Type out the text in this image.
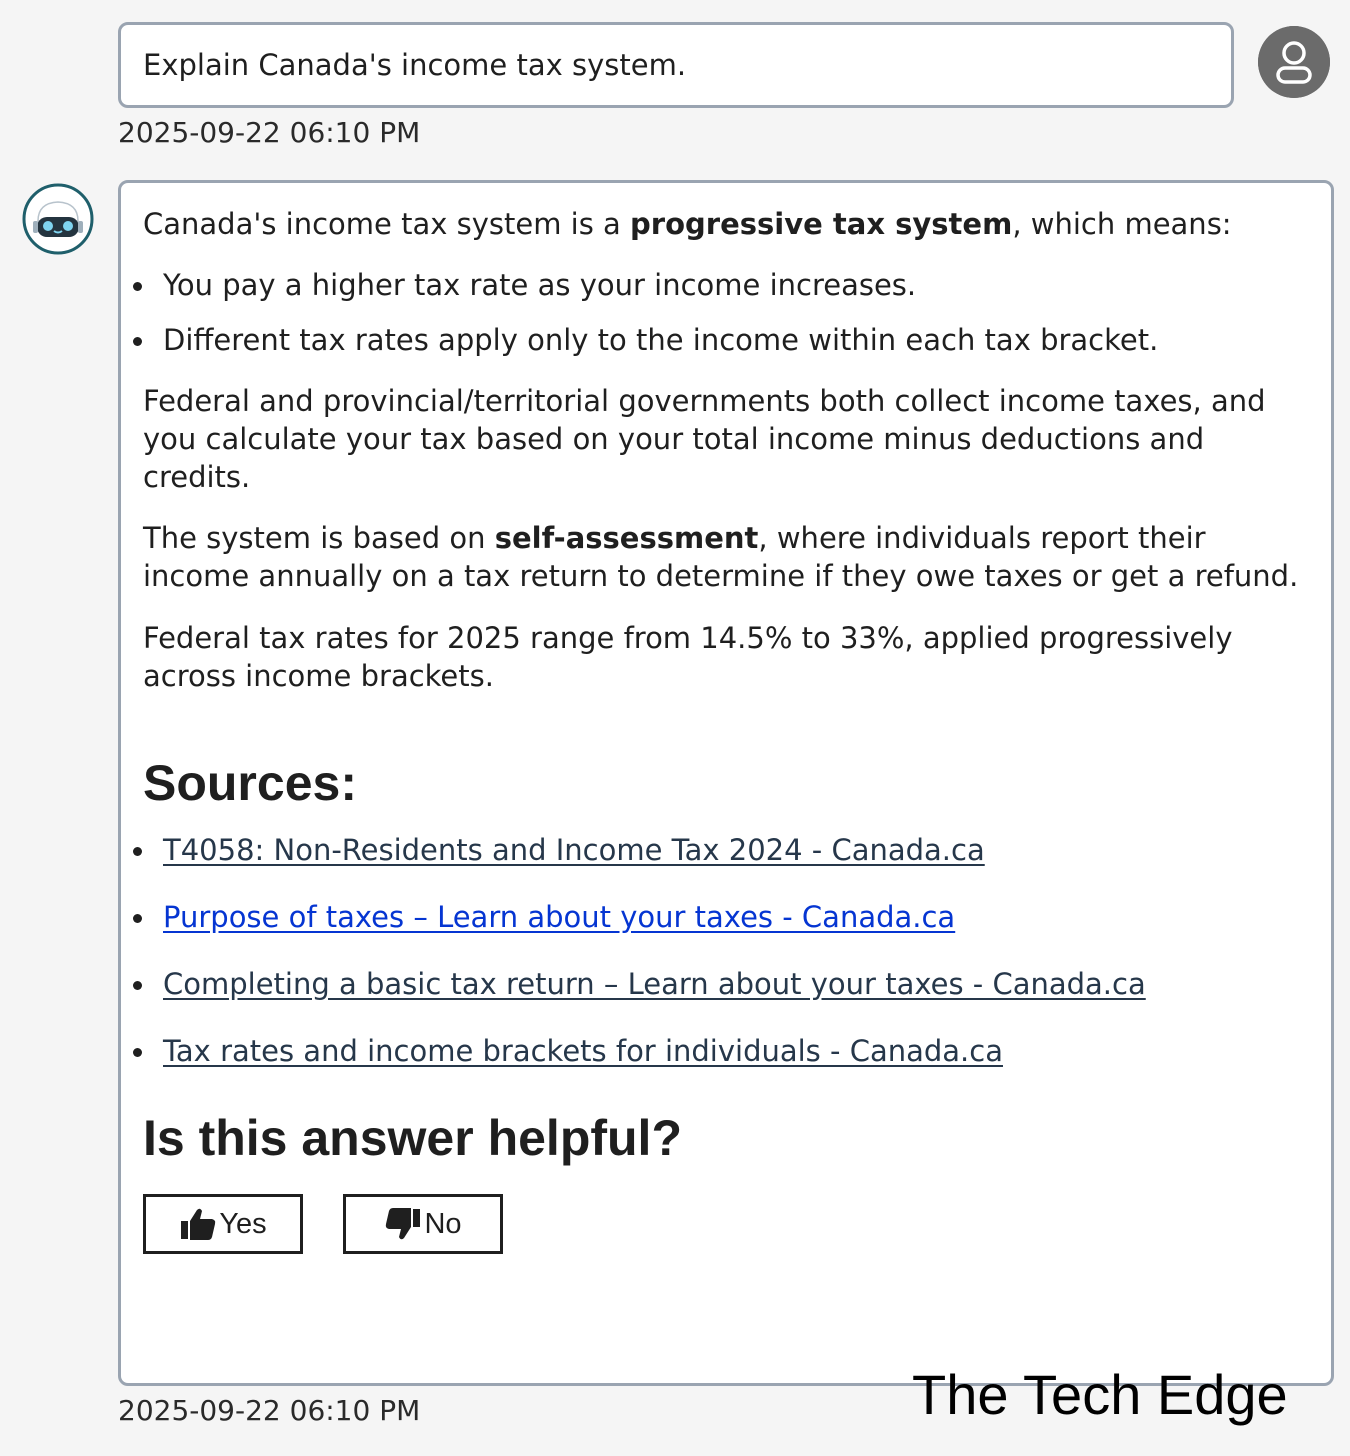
Explain Canada's income tax system.
2025-09-22 06:10 PM

Canada's income tax system is a progressive tax system, which means:

You pay a higher tax rate as your income increases.
Different tax rates apply only to the income within each tax bracket.

Federal and provincial/territorial governments both collect income taxes, and you calculate your tax based on your total income minus deductions and credits.

The system is based on self-assessment, where individuals report their income annually on a tax return to determine if they owe taxes or get a refund.

Federal tax rates for 2025 range from 14.5% to 33%, applied progressively across income brackets.

Sources:
T4058: Non-Residents and Income Tax 2024 - Canada.ca
Purpose of taxes – Learn about your taxes - Canada.ca
Completing a basic tax return – Learn about your taxes - Canada.ca
Tax rates and income brackets for individuals - Canada.ca
Is this answer helpful?
Yes	No
2025-09-22 06:10 PM	The Tech Edge
